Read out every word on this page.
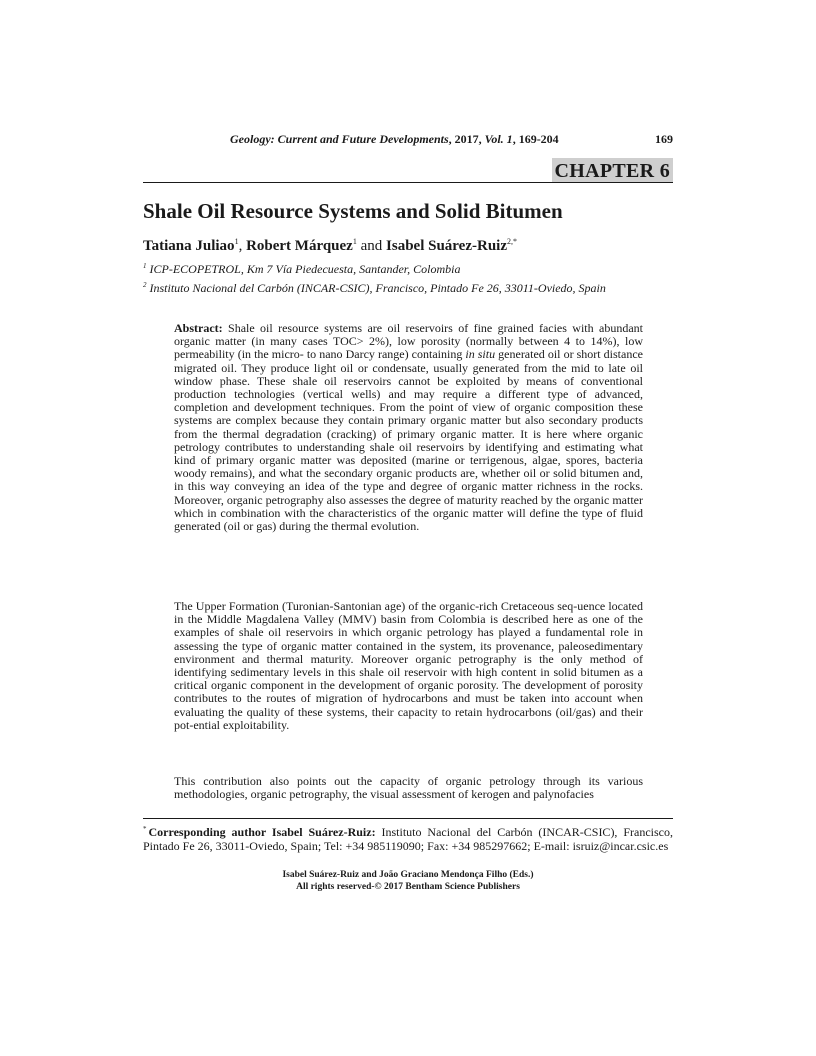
Geology: Current and Future Developments, 2017, Vol. 1, 169-204	169
CHAPTER 6
Shale Oil Resource Systems and Solid Bitumen
Tatiana Juliao$^1$, Robert Márquez$^1$ and Isabel Suárez-Ruiz$^{2,*}$
$^1$ ICP-ECOPETROL, Km 7 Vía Piedecuesta, Santander, Colombia
$^2$ Instituto Nacional del Carbón (INCAR-CSIC), Francisco, Pintado Fe 26, 33011-Oviedo, Spain
Abstract: Shale oil resource systems are oil reservoirs of fine grained facies with abundant organic matter (in many cases TOC> 2%), low porosity (normally between 4 to 14%), low permeability (in the micro- to nano Darcy range) containing in situ generated oil or short distance migrated oil. They produce light oil or condensate, usually generated from the mid to late oil window phase. These shale oil reservoirs cannot be exploited by means of conventional production technologies (vertical wells) and may require a different type of advanced, completion and development techniques. From the point of view of organic composition these systems are complex because they contain primary organic matter but also secondary products from the thermal degradation (cracking) of primary organic matter. It is here where organic petrology contributes to understanding shale oil reservoirs by identifying and estimating what kind of primary organic matter was deposited (marine or terrigenous, algae, spores, bacteria woody remains), and what the secondary organic products are, whether oil or solid bitumen and, in this way conveying an idea of the type and degree of organic matter richness in the rocks. Moreover, organic petrography also assesses the degree of maturity reached by the organic matter which in combination with the characteristics of the organic matter will define the type of fluid generated (oil or gas) during the thermal evolution.
The Upper Formation (Turonian-Santonian age) of the organic-rich Cretaceous seq-uence located in the Middle Magdalena Valley (MMV) basin from Colombia is described here as one of the examples of shale oil reservoirs in which organic petrology has played a fundamental role in assessing the type of organic matter contained in the system, its provenance, paleosedimentary environment and thermal maturity. Moreover organic petrography is the only method of identifying sedimentary levels in this shale oil reservoir with high content in solid bitumen as a critical organic component in the development of organic porosity. The development of porosity contributes to the routes of migration of hydrocarbons and must be taken into account when evaluating the quality of these systems, their capacity to retain hydrocarbons (oil/gas) and their pot-ential exploitability.
This contribution also points out the capacity of organic petrology through its various methodologies, organic petrography, the visual assessment of kerogen and palynofacies
* Corresponding author Isabel Suárez-Ruiz: Instituto Nacional del Carbón (INCAR-CSIC), Francisco, Pintado Fe 26, 33011-Oviedo, Spain; Tel: +34 985119090; Fax: +34 985297662; E-mail: isruiz@incar.csic.es
Isabel Suárez-Ruiz and João Graciano Mendonça Filho (Eds.)
All rights reserved-© 2017 Bentham Science Publishers
